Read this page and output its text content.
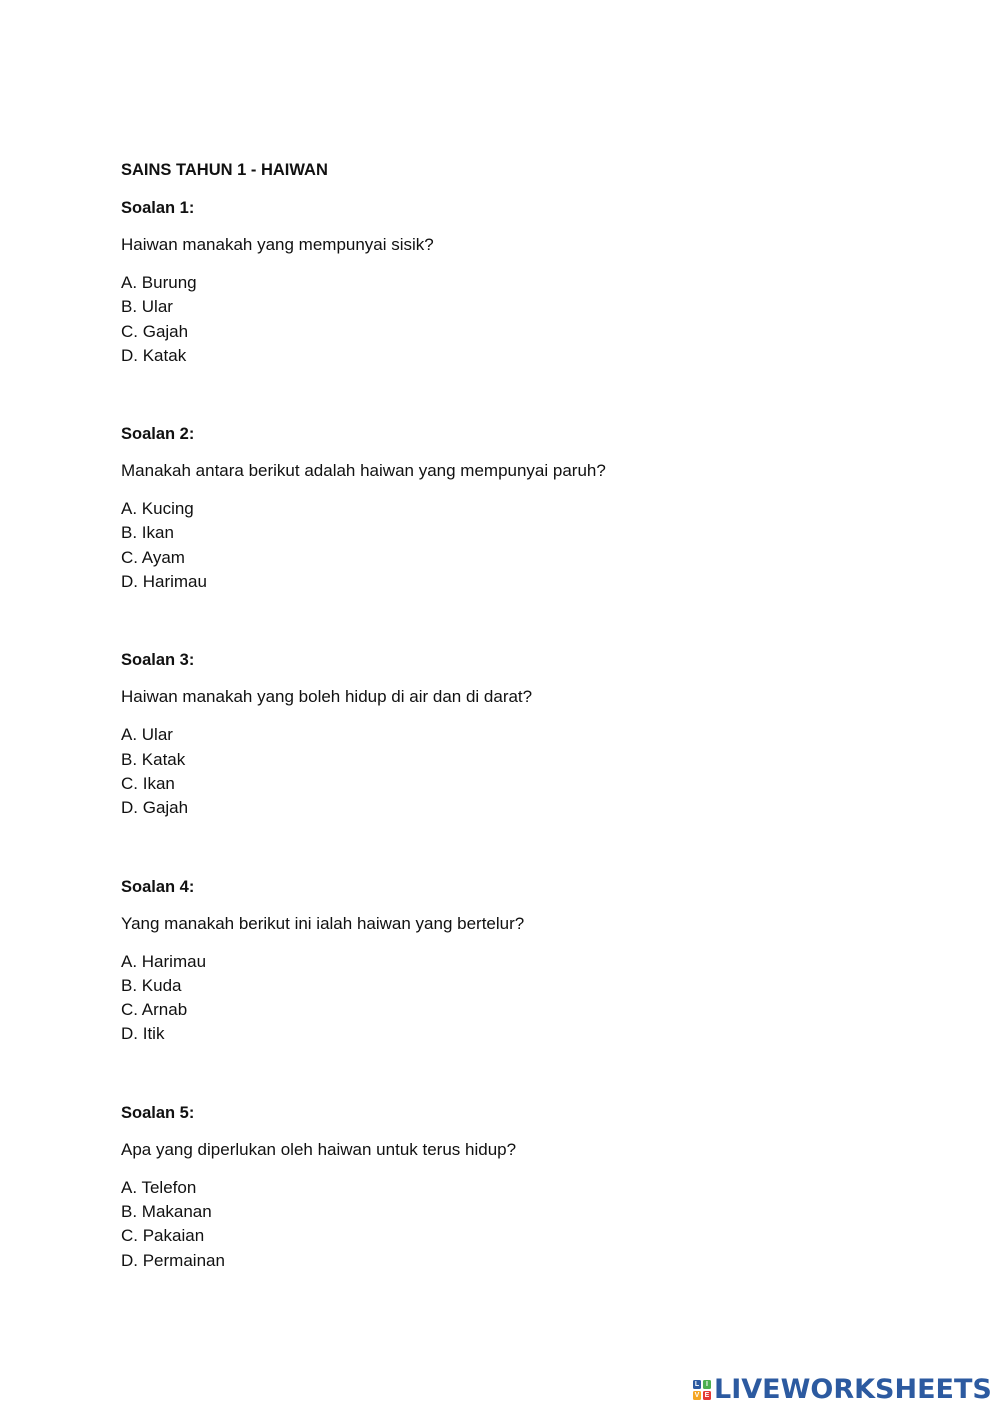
SAINS TAHUN 1 - HAIWAN

Soalan 1:

Haiwan manakah yang mempunyai sisik?

A. Burung
B. Ular
C. Gajah
D. Katak

Soalan 2:

Manakah antara berikut adalah haiwan yang mempunyai paruh?

A. Kucing
B. Ikan
C. Ayam
D. Harimau

Soalan 3:

Haiwan manakah yang boleh hidup di air dan di darat?

A. Ular
B. Katak
C. Ikan
D. Gajah

Soalan 4:

Yang manakah berikut ini ialah haiwan yang bertelur?

A. Harimau
B. Kuda
C. Arnab
D. Itik

Soalan 5:

Apa yang diperlukan oleh haiwan untuk terus hidup?

A. Telefon
B. Makanan
C. Pakaian
D. Permainan
L I
V E LIVEWORKSHEETS
